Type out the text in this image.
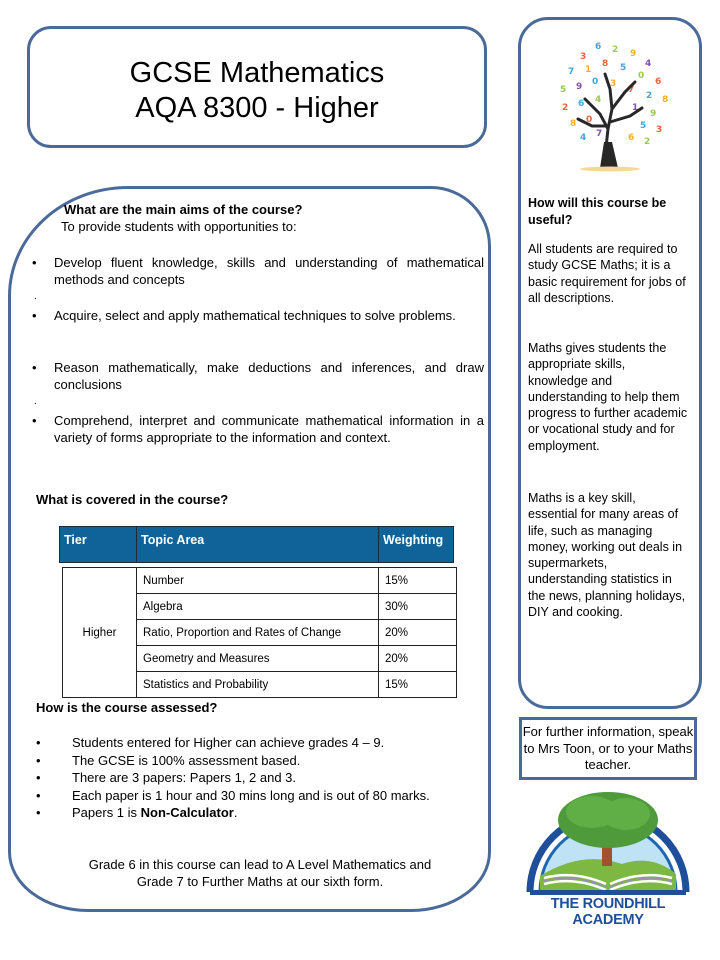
GCSE Mathematics
AQA 8300 - Higher
What are the main aims of the course?
To provide students with opportunities to:
• Develop fluent knowledge, skills and understanding of mathematical methods and concepts
.
• Acquire, select and apply mathematical techniques to solve problems.
• Reason mathematically, make deductions and inferences, and draw conclusions
.
• Comprehend, interpret and communicate mathematical information in a variety of forms appropriate to the information and context.
What is covered in the course?
Tier	Topic Area	Weighting
Higher	Number	15%
	Algebra	30%
	Ratio, Proportion and Rates of Change	20%
	Geometry and Measures	20%
	Statistics and Probability	15%
How is the course assessed?
• Students entered for Higher can achieve grades 4 – 9.
• The GCSE is 100% assessment based.
• There are 3 papers: Papers 1, 2 and 3.
• Each paper is 1 hour and 30 mins long and is out of 80 marks.
• Papers 1 is Non-Calculator.
Grade 6 in this course can lead to A Level Mathematics and
Grade 7 to Further Maths at our sixth form.
3
6 2 9
4
7 1
8 5
0
6
5 9 0 3
7
2 8
2 6 4
1
9
8 0
5 3
4 7	6 2
How will this course be useful?
All students are required to study GCSE Maths; it is a basic requirement for jobs of all descriptions.
Maths gives students the appropriate skills, knowledge and understanding to help them progress to further academic or vocational study and for employment.
Maths is a key skill, essential for many areas of life, such as managing money, working out deals in supermarkets, understanding statistics in the news, planning holidays, DIY and cooking.
For further information, speak to Mrs Toon, or to your Maths teacher.
THE ROUNDHILL ACADEMY
